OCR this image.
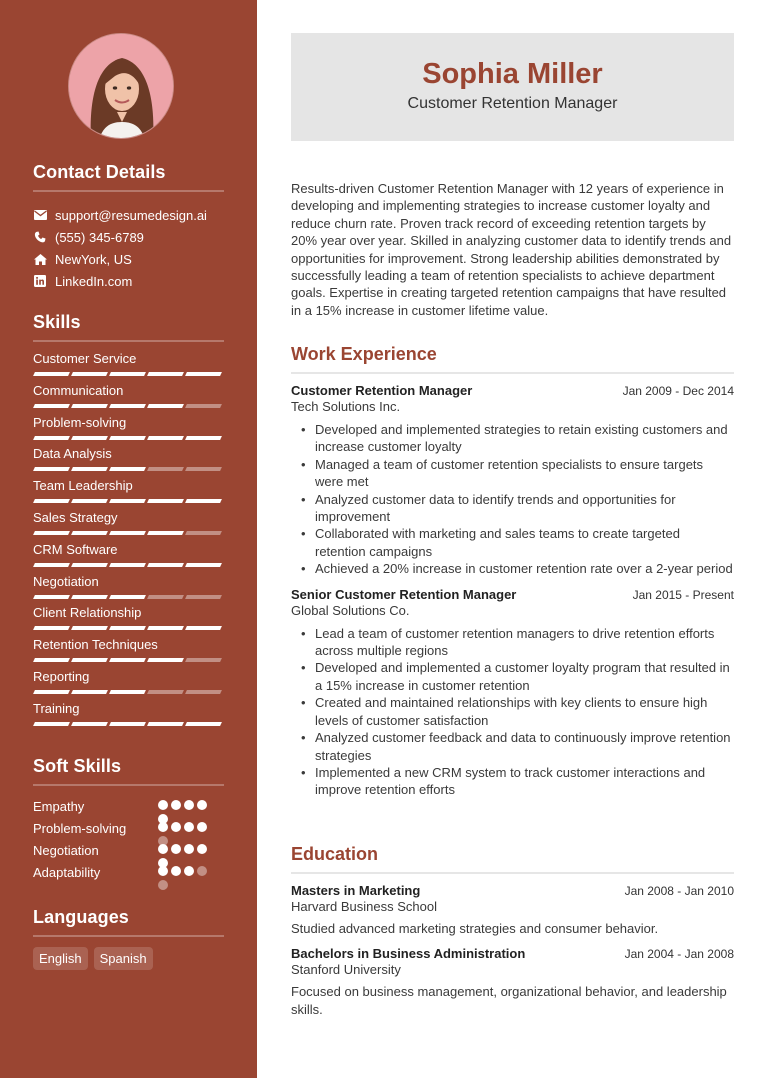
Contact Details
support@resumedesign.ai
(555) 345-6789
NewYork, US
LinkedIn.com
Skills
Customer Service
Communication
Problem-solving
Data Analysis
Team Leadership
Sales Strategy
CRM Software
Negotiation
Client Relationship
Retention Techniques
Reporting
Training
Soft Skills
Empathy
Problem-solving
Negotiation
Adaptability
Languages
English	Spanish
Sophia Miller
Customer Retention Manager

Results-driven Customer Retention Manager with 12 years of experience in developing and implementing strategies to increase customer loyalty and reduce churn rate. Proven track record of exceeding retention targets by 20% year over year. Skilled in analyzing customer data to identify trends and opportunities for improvement. Strong leadership abilities demonstrated by successfully leading a team of retention specialists to achieve department goals. Expertise in creating targeted retention campaigns that have resulted in a 15% increase in customer lifetime value.

Work Experience
Customer Retention Manager	Jan 2009 - Dec 2014
Tech Solutions Inc.
• Developed and implemented strategies to retain existing customers and increase customer loyalty
• Managed a team of customer retention specialists to ensure targets were met
• Analyzed customer data to identify trends and opportunities for improvement
• Collaborated with marketing and sales teams to create targeted retention campaigns
• Achieved a 20% increase in customer retention rate over a 2-year period
Senior Customer Retention Manager	Jan 2015 - Present
Global Solutions Co.
• Lead a team of customer retention managers to drive retention efforts across multiple regions
• Developed and implemented a customer loyalty program that resulted in a 15% increase in customer retention
• Created and maintained relationships with key clients to ensure high levels of customer satisfaction
• Analyzed customer feedback and data to continuously improve retention strategies
• Implemented a new CRM system to track customer interactions and improve retention efforts
Education
Masters in Marketing	Jan 2008 - Jan 2010
Harvard Business School

Studied advanced marketing strategies and consumer behavior.

Bachelors in Business Administration	Jan 2004 - Jan 2008
Stanford University

Focused on business management, organizational behavior, and leadership skills.
